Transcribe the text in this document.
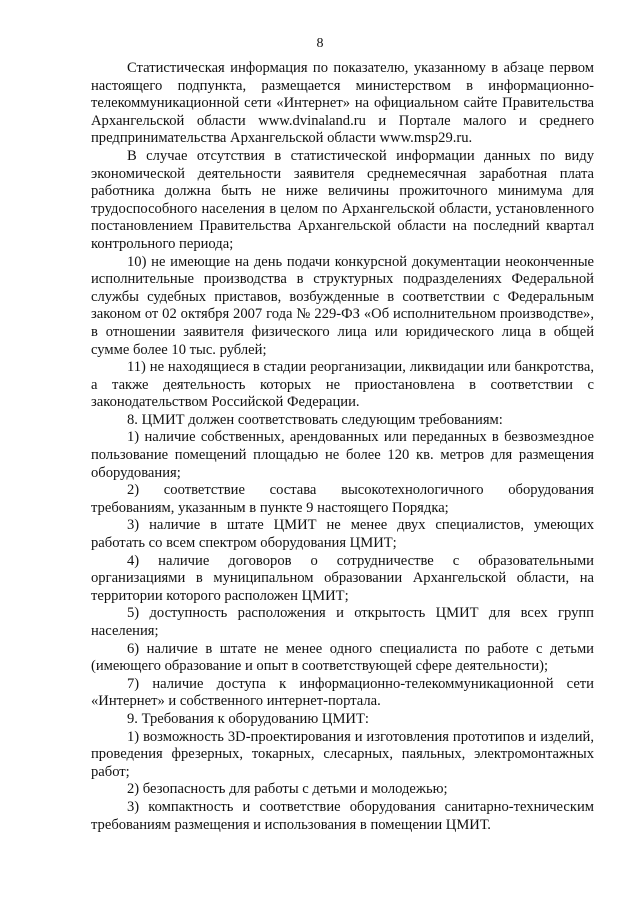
8

Статистическая информация по показателю, указанному в абзаце первом настоящего подпункта, размещается министерством в информационно-телекоммуникационной сети «Интернет» на официальном сайте Правительства Архангельской области www.dvinaland.ru и Портале малого и среднего предпринимательства Архангельской области www.msp29.ru.

В случае отсутствия в статистической информации данных по виду экономической деятельности заявителя среднемесячная заработная плата работника должна быть не ниже величины прожиточного минимума для трудоспособного населения в целом по Архангельской области, установленного постановлением Правительства Архангельской области на последний квартал контрольного периода;

10) не имеющие на день подачи конкурсной документации неоконченные исполнительные производства в структурных подразделениях Федеральной службы судебных приставов, возбужденные в соответствии с Федеральным законом от 02 октября 2007 года № 229-ФЗ «Об исполнительном производстве», в отношении заявителя физического лица или юридического лица в общей сумме более 10 тыс. рублей;

11) не находящиеся в стадии реорганизации, ликвидации или банкротства, а также деятельность которых не приостановлена в соответствии с законодательством Российской Федерации.

8. ЦМИТ должен соответствовать следующим требованиям:

1) наличие собственных, арендованных или переданных в безвозмездное пользование помещений площадью не более 120 кв. метров для размещения оборудования;

2) соответствие состава высокотехнологичного оборудования требованиям, указанным в пункте 9 настоящего Порядка;

3) наличие в штате ЦМИТ не менее двух специалистов, умеющих работать со всем спектром оборудования ЦМИТ;

4) наличие договоров о сотрудничестве с образовательными организациями в муниципальном образовании Архангельской области, на территории которого расположен ЦМИТ;

5) доступность расположения и открытость ЦМИТ для всех групп населения;

6) наличие в штате не менее одного специалиста по работе с детьми (имеющего образование и опыт в соответствующей сфере деятельности);

7) наличие доступа к информационно-телекоммуникационной сети «Интернет» и собственного интернет-портала.

9. Требования к оборудованию ЦМИТ:

1) возможность 3D-проектирования и изготовления прототипов и изделий, проведения фрезерных, токарных, слесарных, паяльных, электромонтажных работ;

2) безопасность для работы с детьми и молодежью;

3) компактность и соответствие оборудования санитарно-техническим требованиям размещения и использования в помещении ЦМИТ.
